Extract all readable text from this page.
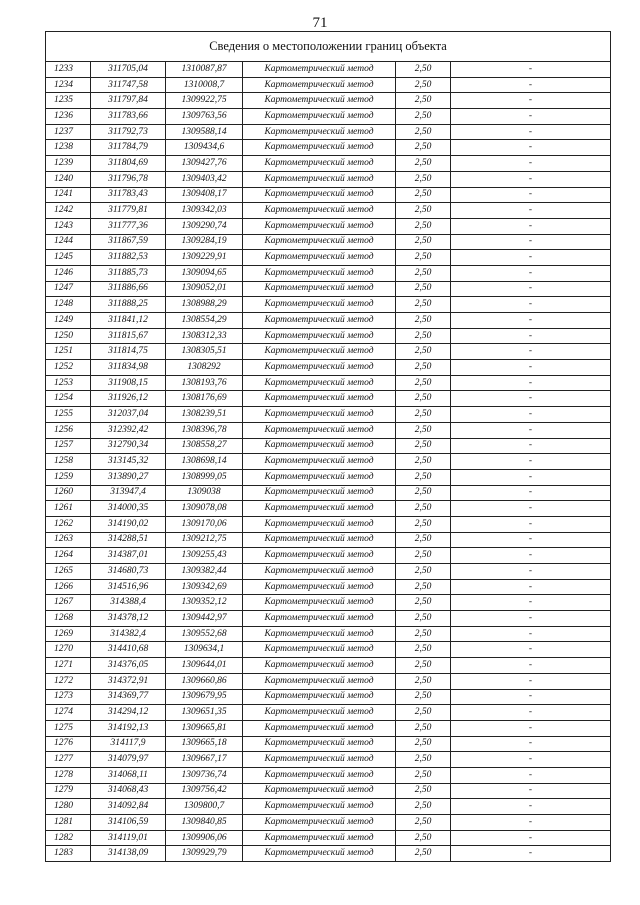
71
Сведения о местоположении границ объекта					
1233	311705,04	1310087,87	Картометрический метод	2,50	-
1234	311747,58	1310008,7	Картометрический метод	2,50	-
1235	311797,84	1309922,75	Картометрический метод	2,50	-
1236	311783,66	1309763,56	Картометрический метод	2,50	-
1237	311792,73	1309588,14	Картометрический метод	2,50	-
1238	311784,79	1309434,6	Картометрический метод	2,50	-
1239	311804,69	1309427,76	Картометрический метод	2,50	-
1240	311796,78	1309403,42	Картометрический метод	2,50	-
1241	311783,43	1309408,17	Картометрический метод	2,50	-
1242	311779,81	1309342,03	Картометрический метод	2,50	-
1243	311777,36	1309290,74	Картометрический метод	2,50	-
1244	311867,59	1309284,19	Картометрический метод	2,50	-
1245	311882,53	1309229,91	Картометрический метод	2,50	-
1246	311885,73	1309094,65	Картометрический метод	2,50	-
1247	311886,66	1309052,01	Картометрический метод	2,50	-
1248	311888,25	1308988,29	Картометрический метод	2,50	-
1249	311841,12	1308554,29	Картометрический метод	2,50	-
1250	311815,67	1308312,33	Картометрический метод	2,50	-
1251	311814,75	1308305,51	Картометрический метод	2,50	-
1252	311834,98	1308292	Картометрический метод	2,50	-
1253	311908,15	1308193,76	Картометрический метод	2,50	-
1254	311926,12	1308176,69	Картометрический метод	2,50	-
1255	312037,04	1308239,51	Картометрический метод	2,50	-
1256	312392,42	1308396,78	Картометрический метод	2,50	-
1257	312790,34	1308558,27	Картометрический метод	2,50	-
1258	313145,32	1308698,14	Картометрический метод	2,50	-
1259	313890,27	1308999,05	Картометрический метод	2,50	-
1260	313947,4	1309038	Картометрический метод	2,50	-
1261	314000,35	1309078,08	Картометрический метод	2,50	-
1262	314190,02	1309170,06	Картометрический метод	2,50	-
1263	314288,51	1309212,75	Картометрический метод	2,50	-
1264	314387,01	1309255,43	Картометрический метод	2,50	-
1265	314680,73	1309382,44	Картометрический метод	2,50	-
1266	314516,96	1309342,69	Картометрический метод	2,50	-
1267	314388,4	1309352,12	Картометрический метод	2,50	-
1268	314378,12	1309442,97	Картометрический метод	2,50	-
1269	314382,4	1309552,68	Картометрический метод	2,50	-
1270	314410,68	1309634,1	Картометрический метод	2,50	-
1271	314376,05	1309644,01	Картометрический метод	2,50	-
1272	314372,91	1309660,86	Картометрический метод	2,50	-
1273	314369,77	1309679,95	Картометрический метод	2,50	-
1274	314294,12	1309651,35	Картометрический метод	2,50	-
1275	314192,13	1309665,81	Картометрический метод	2,50	-
1276	314117,9	1309665,18	Картометрический метод	2,50	-
1277	314079,97	1309667,17	Картометрический метод	2,50	-
1278	314068,11	1309736,74	Картометрический метод	2,50	-
1279	314068,43	1309756,42	Картометрический метод	2,50	-
1280	314092,84	1309800,7	Картометрический метод	2,50	-
1281	314106,59	1309840,85	Картометрический метод	2,50	-
1282	314119,01	1309906,06	Картометрический метод	2,50	-
1283	314138,09	1309929,79	Картометрический метод	2,50	-
